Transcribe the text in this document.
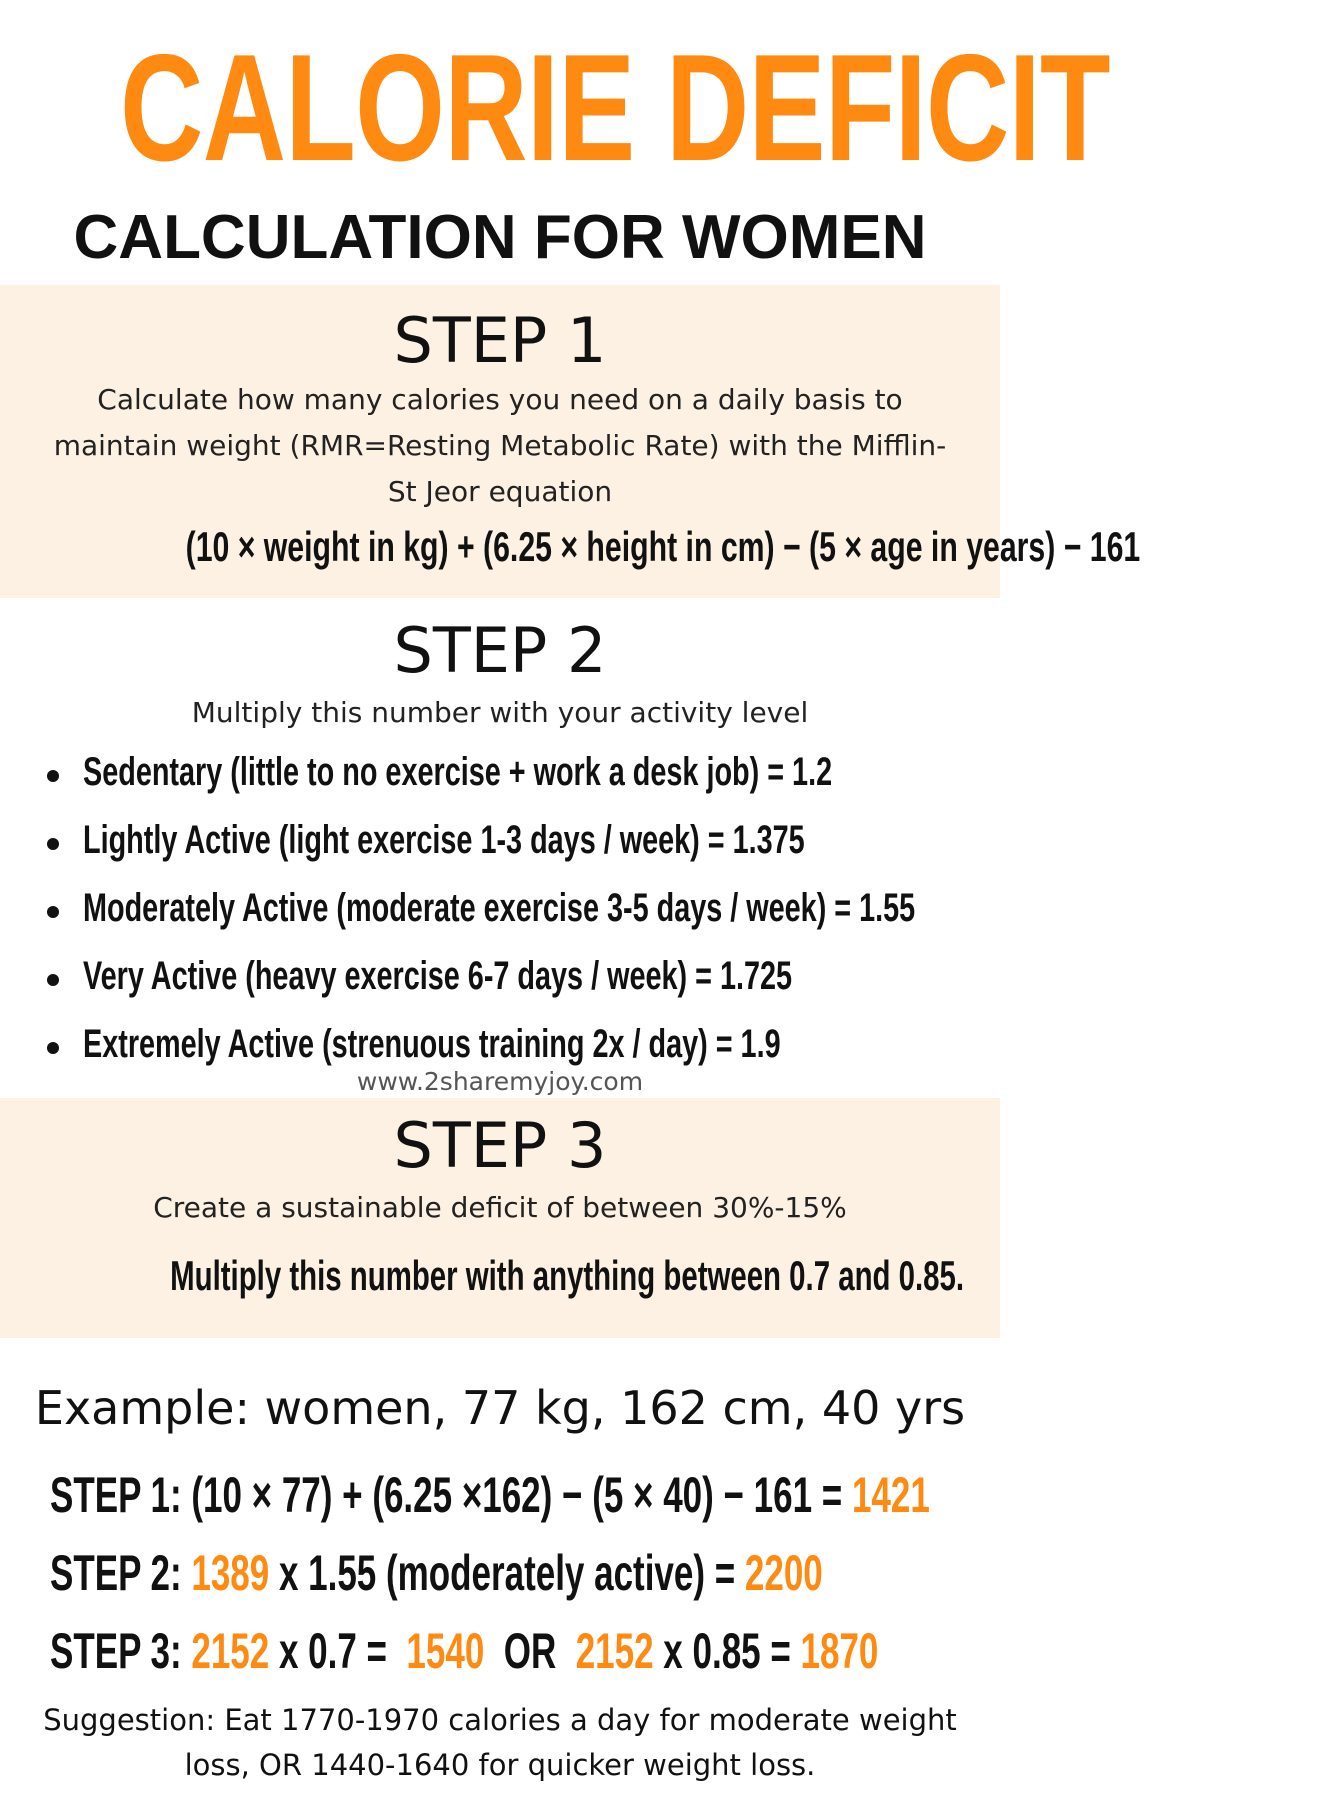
CALORIE DEFICIT
CALCULATION FOR WOMEN
STEP 1
Calculate how many calories you need on a daily basis to maintain weight (RMR=Resting Metabolic Rate) with the Mifflin-St Jeor equation
(10 × weight in kg) + (6.25 × height in cm) − (5 × age in years) − 161
STEP 2
Multiply this number with your activity level
Sedentary (little to no exercise + work a desk job) = 1.2
Lightly Active (light exercise 1-3 days / week) = 1.375
Moderately Active (moderate exercise 3-5 days / week) = 1.55
Very Active (heavy exercise 6-7 days / week) = 1.725
Extremely Active (strenuous training 2x / day) = 1.9
www.2sharemyjoy.com
STEP 3
Create a sustainable deficit of between 30%-15%
Multiply this number with anything between 0.7 and 0.85.
Example: women, 77 kg, 162 cm, 40 yrs
STEP 1: (10 × 77) + (6.25 ×162) − (5 × 40) − 161 = 1421
STEP 2: 1389 x 1.55 (moderately active) = 2200
STEP 3: 2152 x 0.7 = 1540 OR 2152 x 0.85 = 1870
Suggestion: Eat 1770-1970 calories a day for moderate weight loss, OR 1440-1640 for quicker weight loss.
